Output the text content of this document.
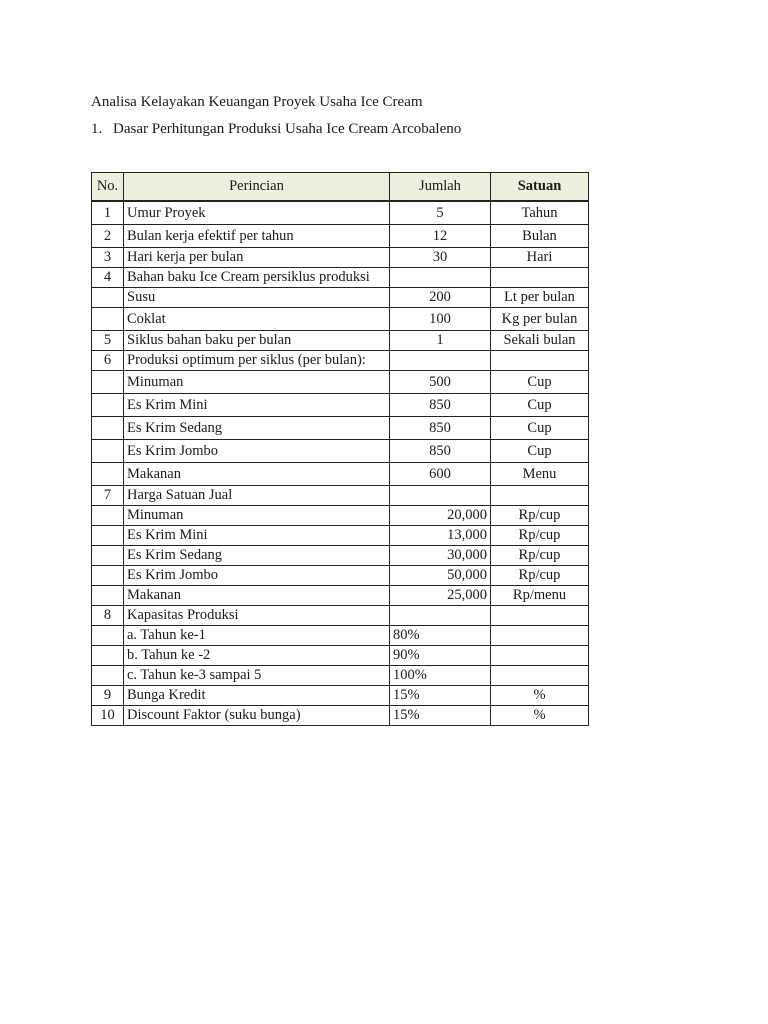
Analisa Kelayakan Keuangan Proyek Usaha Ice Cream
1. Dasar Perhitungan Produksi Usaha Ice Cream Arcobaleno
No.	Perincian	Jumlah	Satuan
1	Umur Proyek	5	Tahun
2	Bulan kerja efektif per tahun	12	Bulan
3	Hari kerja per bulan	30	Hari
4	Bahan baku Ice Cream persiklus produksi		
	Susu	200	Lt per bulan
	Coklat	100	Kg per bulan
5	Siklus bahan baku per bulan	1	Sekali bulan
6	Produksi optimum per siklus (per bulan):		
	Minuman	500	Cup
	Es Krim Mini	850	Cup
	Es Krim Sedang	850	Cup
	Es Krim Jombo	850	Cup
	Makanan	600	Menu
7	Harga Satuan Jual		
	Minuman	20,000	Rp/cup
	Es Krim Mini	13,000	Rp/cup
	Es Krim Sedang	30,000	Rp/cup
	Es Krim Jombo	50,000	Rp/cup
	Makanan	25,000	Rp/menu
8	Kapasitas Produksi		
	a. Tahun ke-1	80%	
	b. Tahun ke -2	90%	
	c. Tahun ke-3 sampai 5	100%	
9	Bunga Kredit	15%	%
10	Discount Faktor (suku bunga)	15%	%
